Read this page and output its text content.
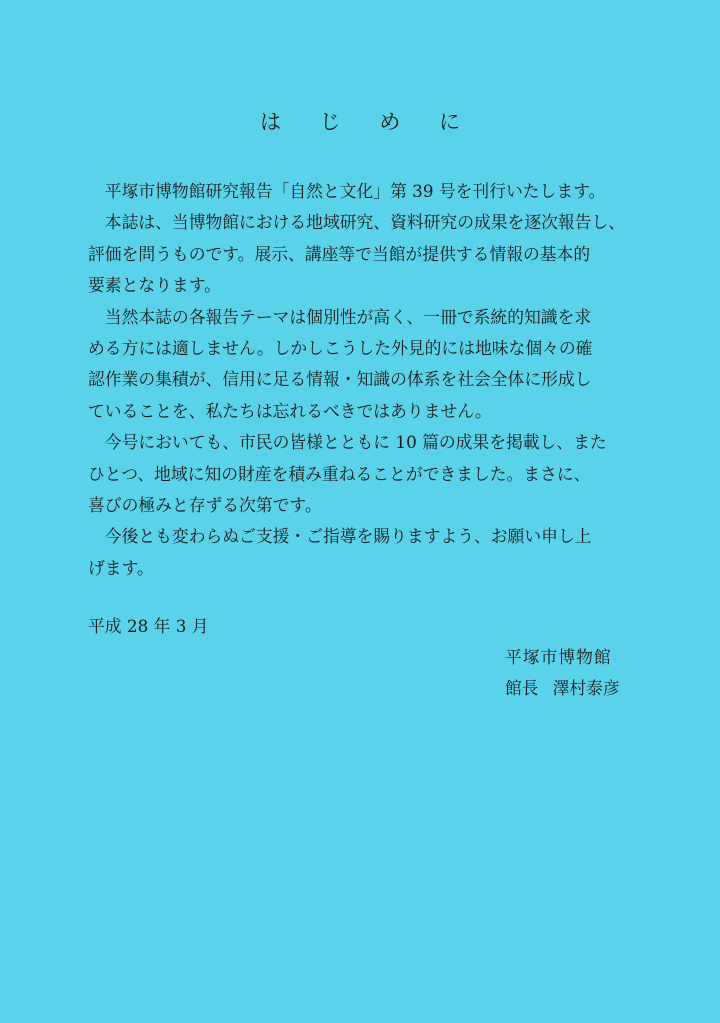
は じ め に

　平塚市博物館研究報告「自然と文化」第 39 号を刊行いたします。

　本誌は、当博物館における地域研究、資料研究の成果を逐次報告し、
評価を問うものです。展示、講座等で当館が提供する情報の基本的
要素となります。

　当然本誌の各報告テーマは個別性が高く、一冊で系統的知識を求
める方には適しません。しかしこうした外見的には地味な個々の確
認作業の集積が、信用に足る情報・知識の体系を社会全体に形成し
ていることを、私たちは忘れるべきではありません。

　今号においても、市民の皆様とともに 10 篇の成果を掲載し、また
ひとつ、地域に知の財産を積み重ねることができました。まさに、
喜びの極みと存ずる次第です。

　今後とも変わらぬご支援・ご指導を賜りますよう、お願い申し上
げます。

平成 28 年 3 月
平塚市博物館
館長 澤村泰彦
